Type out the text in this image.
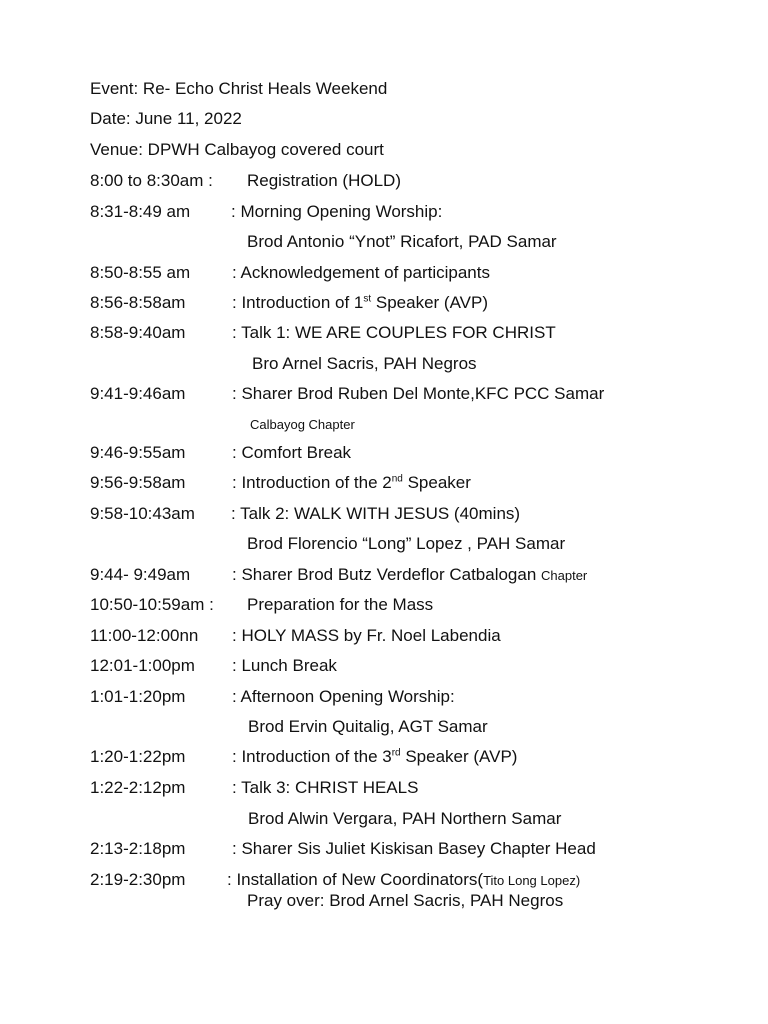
Event: Re- Echo Christ Heals Weekend
Date: June 11, 2022
Venue: DPWH Calbayog covered court
8:00 to 8:30am : Registration (HOLD)
8:31-8:49 am : Morning Opening Worship:
Brod Antonio “Ynot” Ricafort, PAD Samar
8:50-8:55 am : Acknowledgement of participants
8:56-8:58am	: Introduction of 1st Speaker (AVP)
8:58-9:40am	: Talk 1: WE ARE COUPLES FOR CHRIST
Bro Arnel Sacris, PAH Negros
9:41-9:46am	: Sharer Brod Ruben Del Monte,KFC PCC Samar
Calbayog Chapter
9:46-9:55am	: Comfort Break
9:56-9:58am	: Introduction of the 2nd Speaker
9:58-10:43am : Talk 2: WALK WITH JESUS (40mins)
Brod Florencio “Long” Lopez , PAH Samar
9:44- 9:49am : Sharer Brod Butz Verdeflor Catbalogan Chapter
10:50-10:59am : Preparation for the Mass
11:00-12:00nn : HOLY MASS by Fr. Noel Labendia
12:01-1:00pm : Lunch Break
1:01-1:20pm	: Afternoon Opening Worship:
Brod Ervin Quitalig, AGT Samar
1:20-1:22pm	: Introduction of the 3rd Speaker (AVP)
1:22-2:12pm	: Talk 3: CHRIST HEALS
Brod Alwin Vergara, PAH Northern Samar
2:13-2:18pm	: Sharer Sis Juliet Kiskisan Basey Chapter Head
2:19-2:30pm : Installation of New Coordinators(Tito Long Lopez)
Pray over: Brod Arnel Sacris, PAH Negros
